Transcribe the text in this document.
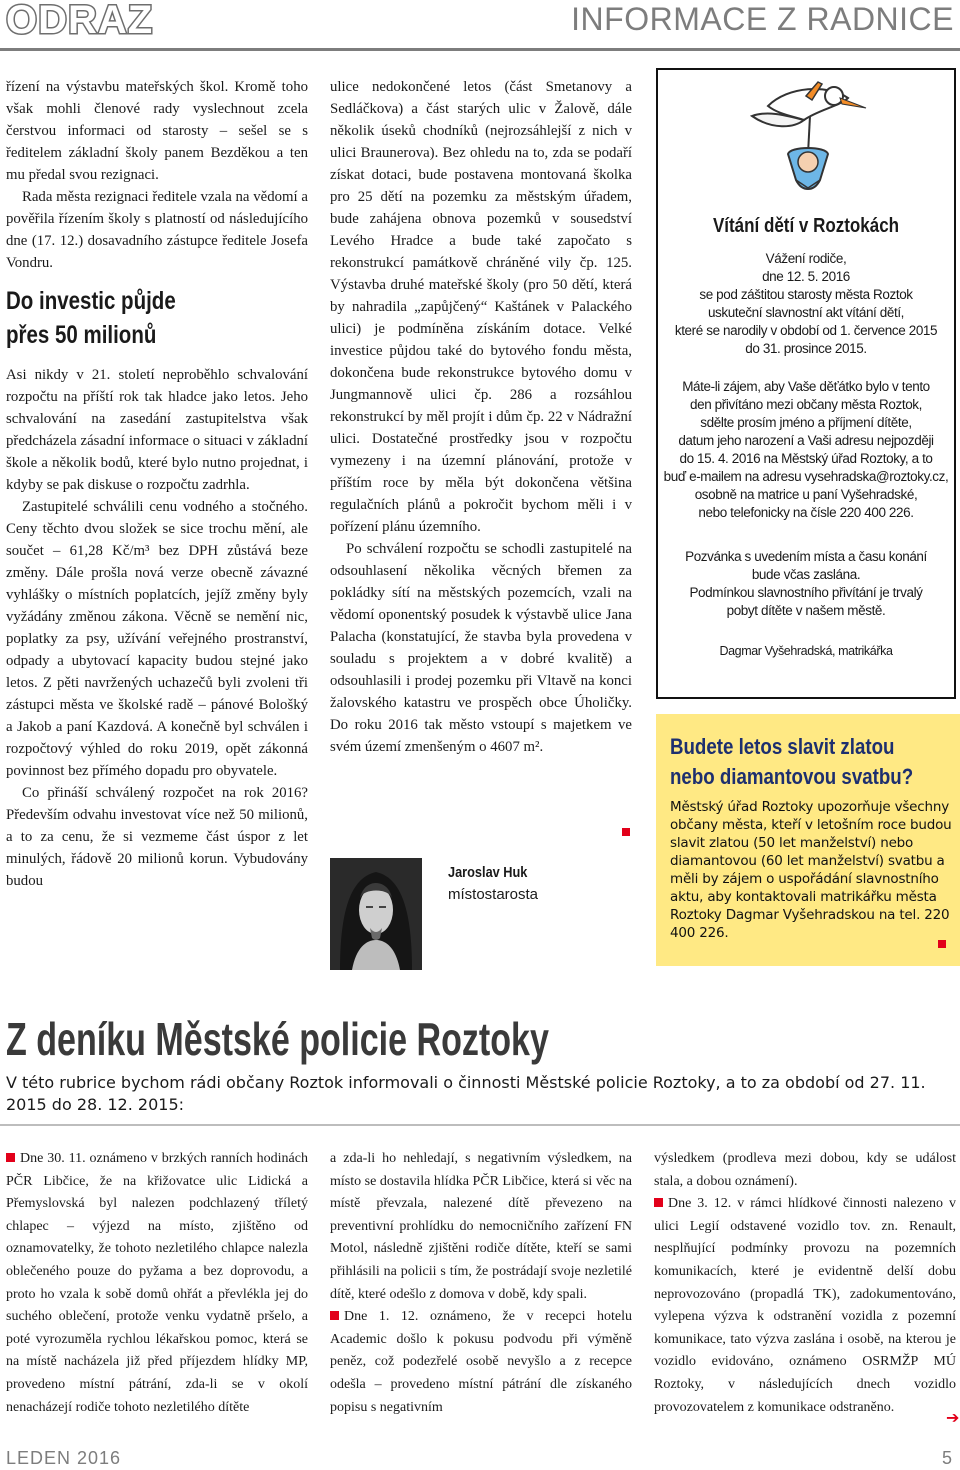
ODRAZ	INFORMACE Z RADNICE

řízení na výstavbu mateřských škol. Kromě toho však mohli členové rady vyslechnout zcela čerstvou informaci od starosty – sešel se s ředitelem základní školy panem Bezděkou a ten mu předal svou rezignaci.

Rada města rezignaci ředitele vzala na vědomí a pověřila řízením školy s platností od následujícího dne (17. 12.) dosavadního zástupce ředitele Josefa Vondru.

Do investic půjde
přes 50 milionů

Asi nikdy v 21. století neproběhlo schvalování rozpočtu na příští rok tak hladce jako letos. Jeho schvalování na zasedání zastupitelstva však předcházela zásadní informace o situaci v základní škole a několik bodů, které bylo nutno projednat, i kdyby se pak diskuse o rozpočtu zadrhla.

Zastupitelé schválili cenu vodného a stočného. Ceny těchto dvou složek se sice trochu mění, ale součet – 61,28 Kč/m³ bez DPH zůstává beze změny. Dále prošla nová verze obecně závazné vyhlášky o místních poplatcích, jejíž změny byly vyžádány změnou zákona. Věcně se nemění nic, poplatky za psy, užívání veřejného prostranství, odpady a ubytovací kapacity budou stejné jako letos. Z pěti navržených uchazečů byli zvoleni tři zástupci města ve školské radě – pánové Bološký a Jakob a paní Kazdová. A konečně byl schválen i rozpočtový výhled do roku 2019, opět zákonná povinnost bez přímého dopadu pro obyvatele.

Co přináší schválený rozpočet na rok 2016? Především odvahu investovat více než 50 milionů, a to za cenu, že si vezmeme část úspor z let minulých, řádově 20 milionů korun. Vybudovány budou

ulice nedokončené letos (část Smetanovy a Sedláčkova) a část starých ulic v Žalově, dále několik úseků chodníků (nejrozsáhlejší z nich v ulici Braunerova). Bez ohledu na to, zda se podaří získat dotaci, bude postavena montovaná školka pro 25 dětí na pozemku za městským úřadem, bude zahájena obnova pozemků v sousedství Levého Hradce a bude také započato s rekonstrukcí památkově chráněné vily čp. 125. Výstavba druhé mateřské školy (pro 50 dětí, která by nahradila „zapůjčený“ Kaštánek v Palackého ulici) je podmíněna získáním dotace. Velké investice půjdou také do bytového fondu města, dokončena bude rekonstrukce bytového domu v Jungmannově ulici čp. 286 a rozsáhlou rekonstrukcí by měl projít i dům čp. 22 v Nádražní ulici. Dostatečné prostředky jsou v rozpočtu vymezeny i na územní plánování, protože v příštím roce by měla být dokončena většina regulačních plánů a pokročit bychom měli i v pořízení plánu územního.

Po schválení rozpočtu se schodli zastupitelé na odsouhlasení několika věcných břemen za pokládky sítí na městských pozemcích, vzali na vědomí oponentský posudek k výstavbě ulice Jana Palacha (konstatující, že stavba byla provedena v souladu s projektem a v dobré kvalitě) a odsouhlasili i prodej pozemku při Vltavě na konci žalovského katastru ve prospěch obce Úholičky. Do roku 2016 tak město vstoupí s majetkem ve svém území zmenšeným o 4607 m².

Jaroslav Huk
místostarosta
Vítání dětí v Roztokách
Vážení rodiče,
dne 12. 5. 2016
se pod záštitou starosty města Roztok
uskuteční slavnostní akt vítání dětí,
které se narodily v období od 1. července 2015
do 31. prosince 2015.
Máte-li zájem, aby Vaše děťátko bylo v tento
den přivítáno mezi občany města Roztok,
sdělte prosím jméno a příjmení dítěte,
datum jeho narození a Vaši adresu nejpozději
do 15. 4. 2016 na Městský úřad Roztoky, a to
buď e-mailem na adresu vysehradska@roztoky.cz,
osobně na matrice u paní Vyšehradské,
nebo telefonicky na čísle 220 400 226.
Pozvánka s uvedením místa a času konání
bude včas zaslána.
Podmínkou slavnostního přivítání je trvalý
pobyt dítěte v našem městě.
Dagmar Vyšehradská, matrikářka
Budete letos slavit zlatou
nebo diamantovou svatbu?
Městský úřad Roztoky upozorňuje všechny občany města, kteří v letošním roce budou slavit zlatou (50 let manželství) nebo diamantovou (60 let manželství) svatbu a měli by zájem o uspořádání slavnostního aktu, aby kontaktovali matrikářku města Roztoky Dagmar Vyšehradskou na tel. 220 400 226.
Z deníku Městské policie Roztoky
V této rubrice bychom rádi občany Roztok informovali o činnosti Městské policie Roztoky, a to za období od 27. 11. 2015 do 28. 12. 2015:

Dne 30. 11. oznámeno v brzkých ranních hodinách PČR Libčice, že na křižovatce ulic Lidická a Přemyslovská byl nalezen podchlazený tříletý chlapec – výjezd na místo, zjištěno od oznamovatelky, že tohoto nezletilého chlapce nalezla oblečeného pouze do pyžama a bez doprovodu, a proto ho vzala k sobě domů ohřát a převlékla jej do suchého oblečení, protože venku vydatně pršelo, a poté vyrozuměla rychlou lékařskou pomoc, která se na místě nacházela již před příjezdem hlídky MP, provedeno místní pátrání, zda-li se v okolí nenacházejí rodiče tohoto nezletilého dítěte

a zda-li ho nehledají, s negativním výsledkem, na místo se dostavila hlídka PČR Libčice, která si věc na místě převzala, nalezené dítě převezeno na preventivní prohlídku do nemocničního zařízení FN Motol, následně zjištěni rodiče dítěte, kteří se sami přihlásili na policii s tím, že postrádají svoje nezletilé dítě, které odešlo z domova v době, kdy spali.

Dne 1. 12. oznámeno, že v recepci hotelu Academic došlo k pokusu podvodu při výměně peněz, což podezřelé osobě nevyšlo a z recepce odešla – provedeno místní pátrání dle získaného popisu s negativním

výsledkem (prodleva mezi dobou, kdy se událost stala, a dobou oznámení).

Dne 3. 12. v rámci hlídkové činnosti nalezeno v ulici Legií odstavené vozidlo tov. zn. Renault, nesplňující podmínky provozu na pozemních komunikacích, které je evidentně delší dobu neprovozováno (propadlá TK), zadokumentováno, vylepena výzva k odstranění vozidla z pozemní komunikace, tato výzva zaslána i osobě, na kterou je vozidlo evidováno, oznámeno OSRMŽP MÚ Roztoky, v následujících dnech vozidlo provozovatelem z komunikace odstraněno.

➔
LEDEN 2016	5
